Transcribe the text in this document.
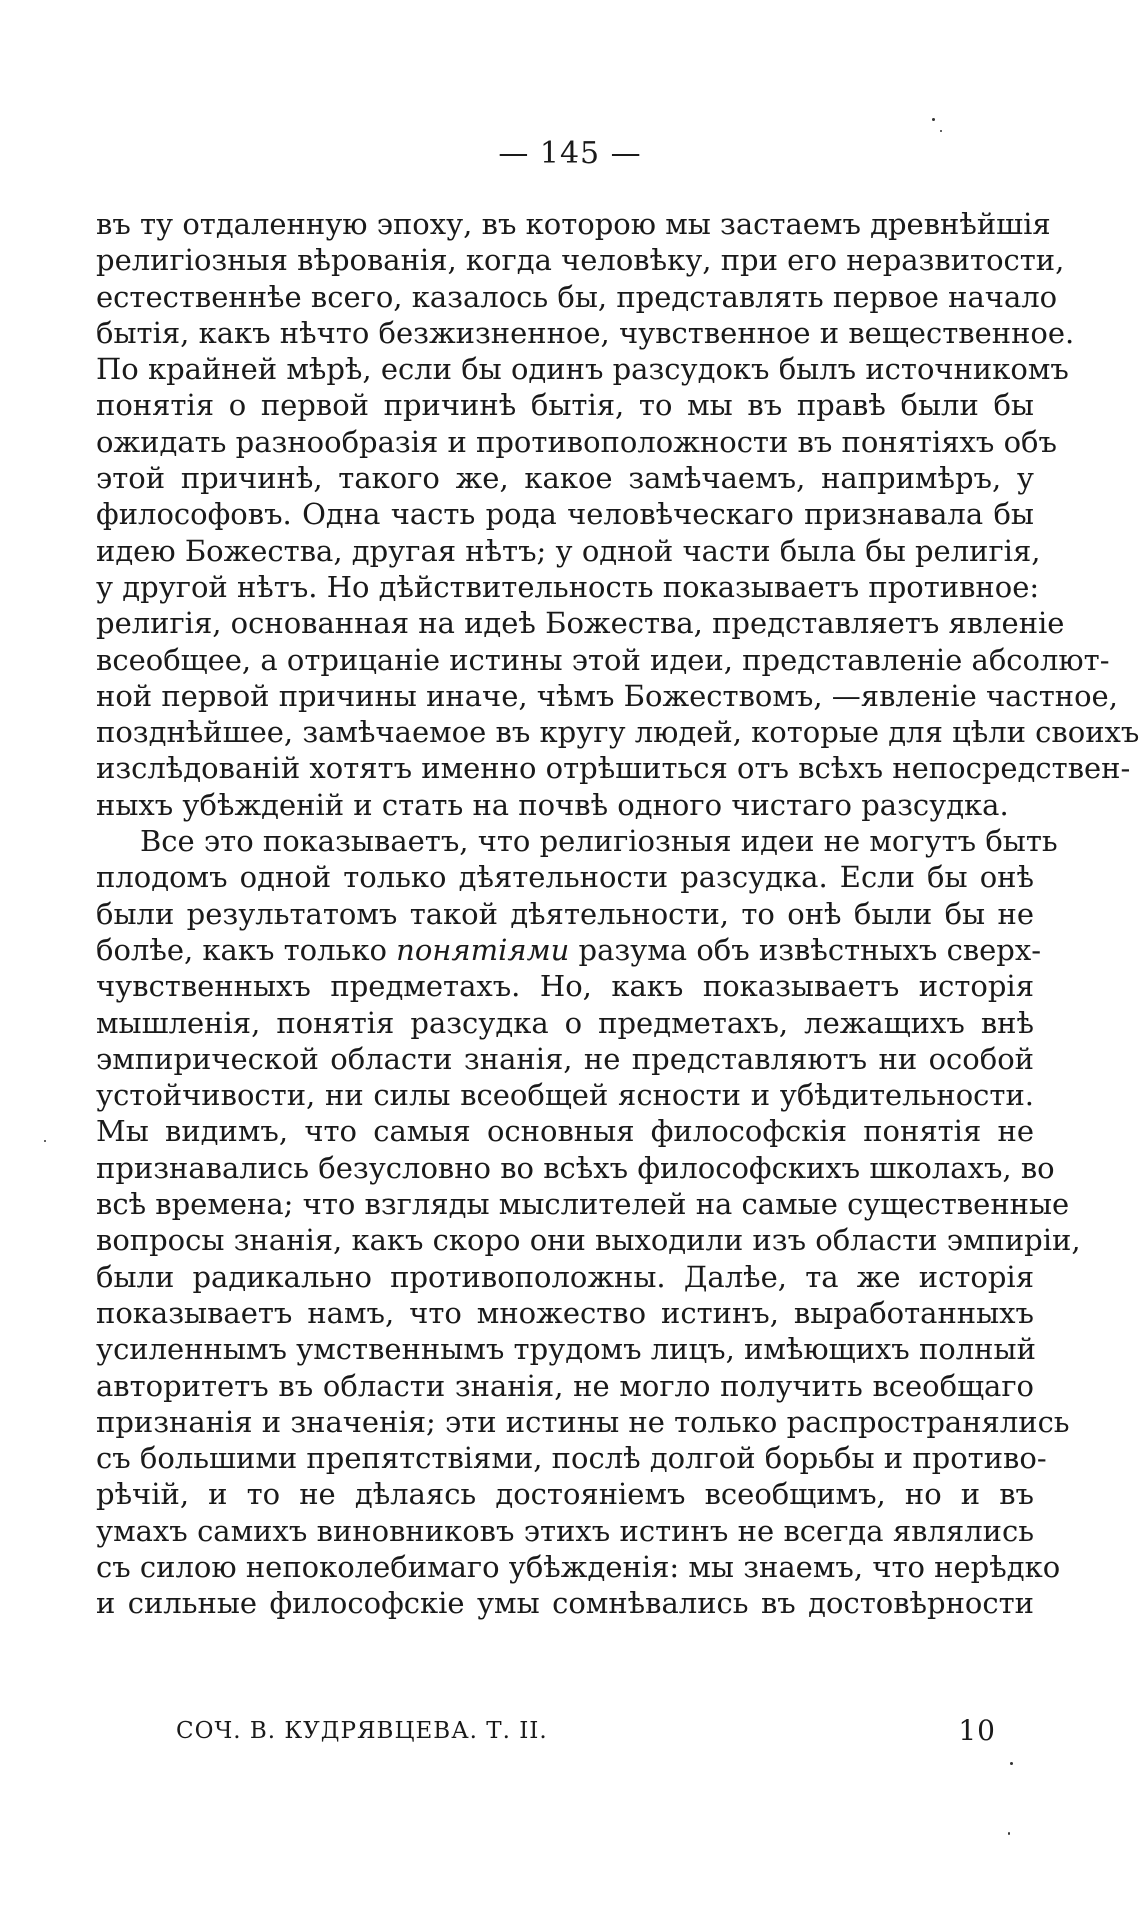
— 145 —
въ ту отдаленную эпоху, въ которою мы застаемъ древнѣйшія
религіозныя вѣрованія, когда человѣку, при его неразвитости,
естественнѣе всего, казалось бы, представлять первое начало
бытія, какъ нѣчто безжизненное, чувственное и вещественное.
По крайней мѣрѣ, если бы одинъ разсудокъ былъ источникомъ
понятія о первой причинѣ бытія, то мы въ правѣ были бы
ожидать разнообразія и противоположности въ понятіяхъ объ
этой причинѣ, такого же, какое замѣчаемъ, напримѣръ, у
философовъ. Одна часть рода человѣческаго признавала бы
идею Божества, другая нѣтъ; у одной части была бы религія,
у другой нѣтъ. Но дѣйствительность показываетъ противное:
религія, основанная на идеѣ Божества, представляетъ явленіе
всеобщее, а отрицаніе истины этой идеи, представленіе абсолют-
ной первой причины иначе, чѣмъ Божествомъ, —явленіе частное,
позднѣйшее, замѣчаемое въ кругу людей, которые для цѣли своихъ
изслѣдованій хотятъ именно отрѣшиться отъ всѣхъ непосредствен-
ныхъ убѣжденій и стать на почвѣ одного чистаго разсудка.
Все это показываетъ, что религіозныя идеи не могутъ быть
плодомъ одной только дѣятельности разсудка. Если бы онѣ
были результатомъ такой дѣятельности, то онѣ были бы не
болѣе, какъ только понятіями разума объ извѣстныхъ сверх-
чувственныхъ предметахъ. Но, какъ показываетъ исторія
мышленія, понятія разсудка о предметахъ, лежащихъ внѣ
эмпирической области знанія, не представляютъ ни особой
устойчивости, ни силы всеобщей ясности и убѣдительности.
Мы видимъ, что самыя основныя философскія понятія не
признавались безусловно во всѣхъ философскихъ школахъ, во
всѣ времена; что взгляды мыслителей на самые существенные
вопросы знанія, какъ скоро они выходили изъ области эмпиріи,
были радикально противоположны. Далѣе, та же исторія
показываетъ намъ, что множество истинъ, выработанныхъ
усиленнымъ умственнымъ трудомъ лицъ, имѣющихъ полный
авторитетъ въ области знанія, не могло получить всеобщаго
признанія и значенія; эти истины не только распространялись
съ большими препятствіями, послѣ долгой борьбы и противо-
рѣчій, и то не дѣлаясь достояніемъ всеобщимъ, но и въ
умахъ самихъ виновниковъ этихъ истинъ не всегда являлись
съ силою непоколебимаго убѣжденія: мы знаемъ, что нерѣдко
и сильные философскіе умы сомнѣвались въ достовѣрности
СОЧ. В. КУДРЯВЦЕВА. Т. II.	10
